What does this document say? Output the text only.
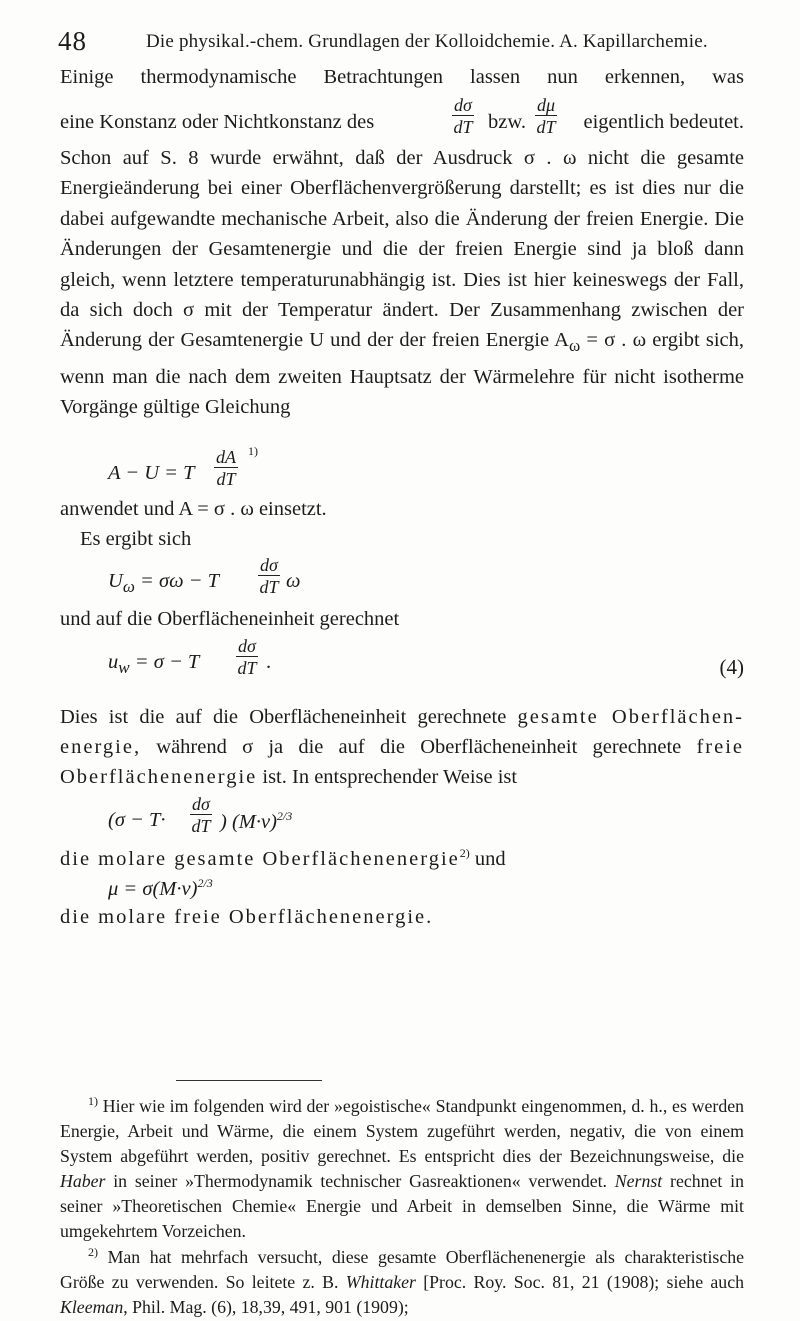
48	Die physikal.-chem. Grundlagen der Kolloidchemie. A. Kapillarchemie.
Einige thermodynamische Betrachtungen lassen nun erkennen, was
eine Konstanz oder Nichtkonstanz des	$\frac{d\sigma}{dT}$ bzw. $\frac{d\mu}{dT}$ eigentlich bedeutet.

Schon auf S. 8 wurde erwähnt, daß der Ausdruck σ . ω nicht die gesamte Energieänderung bei einer Oberflächenvergrößerung darstellt; es ist dies nur die dabei aufgewandte mechanische Arbeit, also die Änderung der freien Energie. Die Änderungen der Gesamtenergie und die der freien Energie sind ja bloß dann gleich, wenn letztere temperaturunabhängig ist. Dies ist hier keineswegs der Fall, da sich doch σ mit der Temperatur ändert. Der Zusammenhang zwischen der Änderung der Gesamtenergie U und der der freien Energie $A_\omega = \sigma$ . ω ergibt sich, wenn man die nach dem zweiten Hauptsatz der Wärmelehre für nicht isotherme Vorgänge gültige Gleichung

A − U = T $\frac{dA}{dT} 1$)
anwendet und A = σ . ω einsetzt.
Es ergibt sich
$U_\omega = \sigma\omega - T \frac{d\sigma}{dT}$ ω
und auf die Oberflächeneinheit gerechnet
$u_w = \sigma - T \frac{d\sigma}{dT}$ .	(4)
Dies ist die auf die Oberflächeneinheit gerechnete gesamte Oberflächen-
energie, während σ ja die auf die Oberflächeneinheit gerechnete freie
Oberflächenenergie ist. In entsprechender Weise ist
($\sigma - T\cdot \frac{d\sigma}{dT}$ ) $(M\cdot v)^{2/3}$
die molare gesamte Oberflächenenergie$^{2)}$ und
$\mu = \sigma(M\cdot v)^{2/3}$
die molare freie Oberflächenenergie.

$^{1)}$ Hier wie im folgenden wird der »egoistische« Standpunkt eingenommen, d. h., es werden Energie, Arbeit und Wärme, die einem System zugeführt werden, negativ, die von einem System abgeführt werden, positiv gerechnet. Es entspricht dies der Bezeichnungsweise, die Haber in seiner »Thermodynamik technischer Gasreaktionen« verwendet. Nernst rechnet in seiner »Theoretischen Chemie« Energie und Arbeit in demselben Sinne, die Wärme mit umgekehrtem Vorzeichen.

$^{2)}$ Man hat mehrfach versucht, diese gesamte Oberflächenenergie als charakteristische Größe zu verwenden. So leitete z. B. Whittaker [Proc. Roy. Soc. 81, 21 (1908); siehe auch Kleeman, Phil. Mag. (6), 18,39, 491, 901 (1909);
